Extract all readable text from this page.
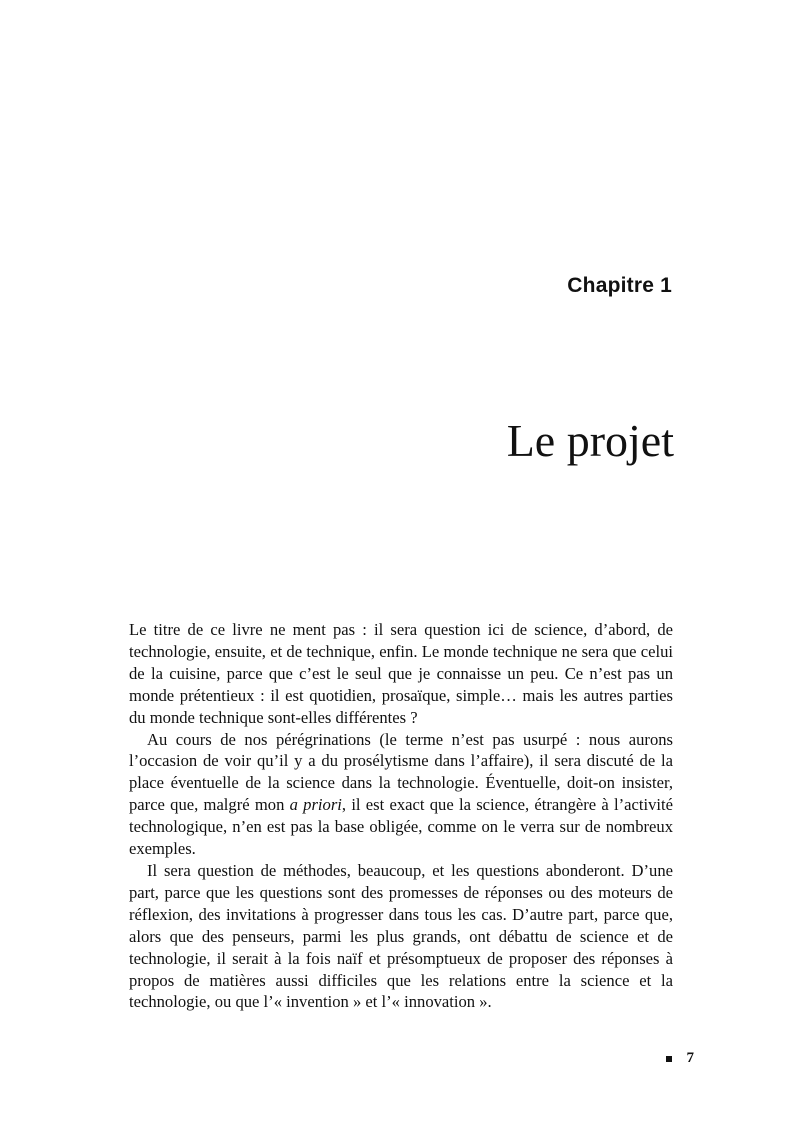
Chapitre 1
Le projet

Le titre de ce livre ne ment pas : il sera question ici de science, d’abord, de technologie, ensuite, et de technique, enfin. Le monde technique ne sera que celui de la cuisine, parce que c’est le seul que je connaisse un peu. Ce n’est pas un monde prétentieux : il est quotidien, prosaïque, simple… mais les autres parties du monde technique sont-elles différentes ?

Au cours de nos pérégrinations (le terme n’est pas usurpé : nous aurons l’occasion de voir qu’il y a du prosélytisme dans l’affaire), il sera discuté de la place éventuelle de la science dans la technologie. Éventuelle, doit-on insister, parce que, malgré mon a priori, il est exact que la science, étrangère à l’activité technologique, n’en est pas la base obligée, comme on le verra sur de nombreux exemples.

Il sera question de méthodes, beaucoup, et les questions abonderont. D’une part, parce que les questions sont des promesses de réponses ou des moteurs de réflexion, des invitations à progresser dans tous les cas. D’autre part, parce que, alors que des penseurs, parmi les plus grands, ont débattu de science et de technologie, il serait à la fois naïf et présomptueux de proposer des réponses à propos de matières aussi difficiles que les relations entre la science et la technologie, ou que l’« invention » et l’« innovation ».

7
